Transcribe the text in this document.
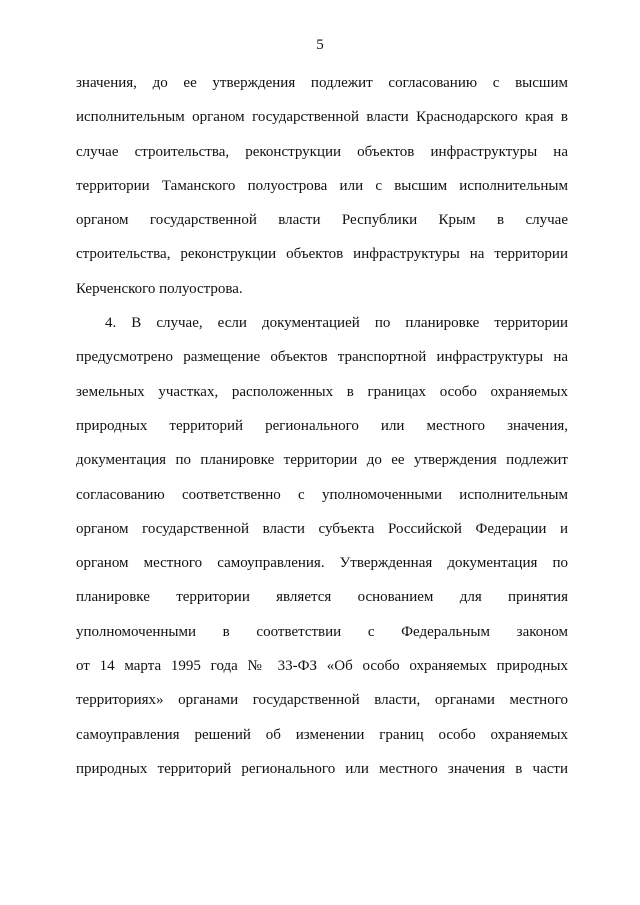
5
значения, до ее утверждения подлежит согласованию с высшим
исполнительным органом государственной власти Краснодарского края в
случае строительства, реконструкции объектов инфраструктуры на
территории Таманского полуострова или с высшим исполнительным
органом государственной власти Республики Крым в случае
строительства, реконструкции объектов инфраструктуры на территории
Керченского полуострова.
4. В случае, если документацией по планировке территории
предусмотрено размещение объектов транспортной инфраструктуры на
земельных участках, расположенных в границах особо охраняемых
природных территорий регионального или местного значения,
документация по планировке территории до ее утверждения подлежит
согласованию соответственно с уполномоченными исполнительным
органом государственной власти субъекта Российской Федерации и
органом местного самоуправления. Утвержденная документация по
планировке территории является основанием для принятия
уполномоченными в соответствии с Федеральным законом
от 14 марта 1995 года № 33-ФЗ «Об особо охраняемых природных
территориях» органами государственной власти, органами местного
самоуправления решений об изменении границ особо охраняемых
природных территорий регионального или местного значения в части
